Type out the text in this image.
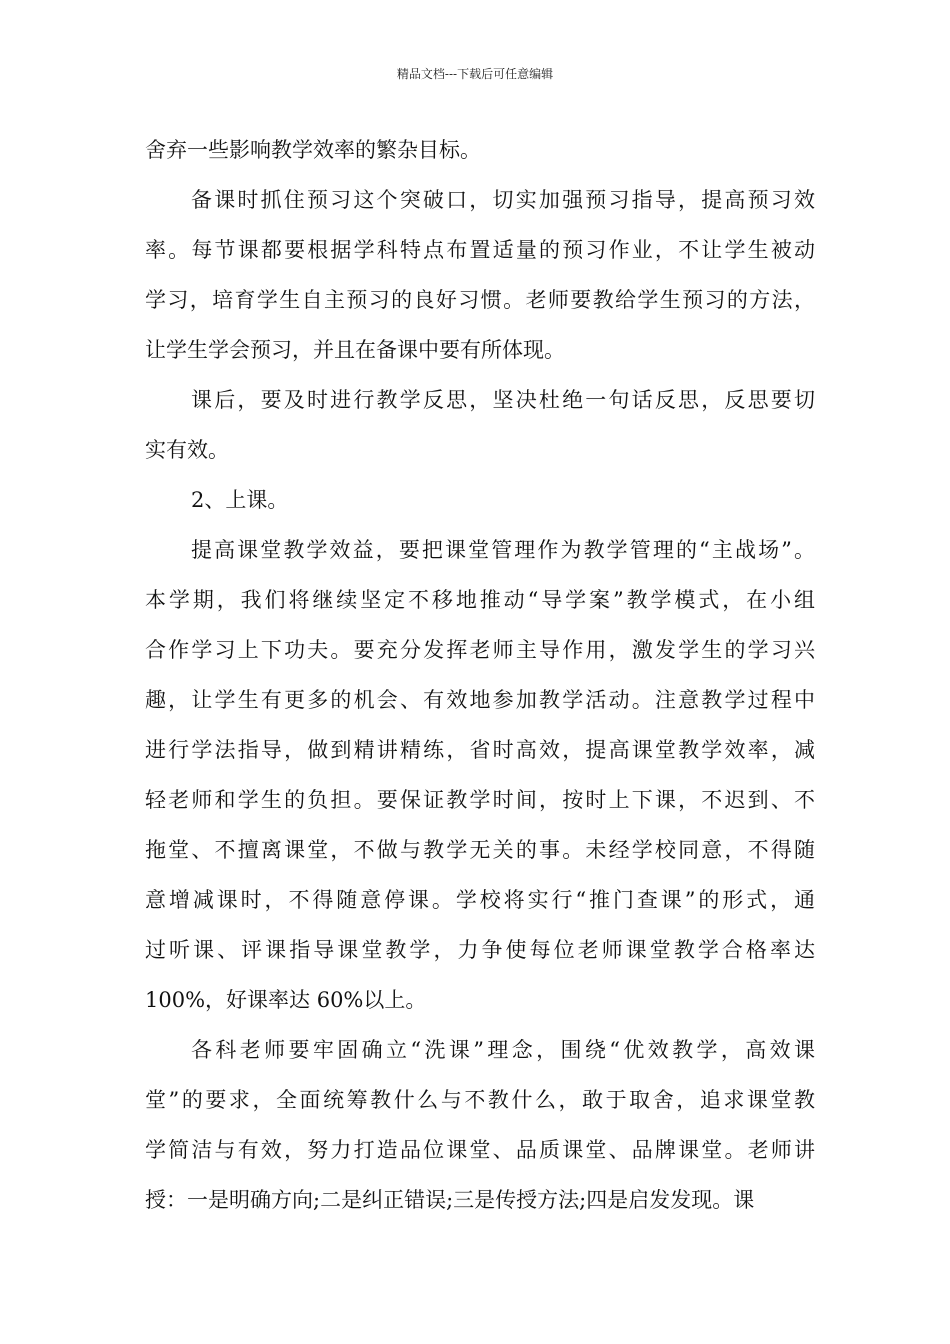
精品文档---下载后可任意编辑
舍弃一些影响教学效率的繁杂目标。
备课时抓住预习这个突破口，切实加强预习指导，提高预习效
率。每节课都要根据学科特点布置适量的预习作业，不让学生被动
学习，培育学生自主预习的良好习惯。老师要教给学生预习的方法，
让学生学会预习，并且在备课中要有所体现。
课后，要及时进行教学反思，坚决杜绝一句话反思，反思要切
实有效。
2、上课。
提高课堂教学效益，要把课堂管理作为教学管理的“主战场”。
本学期，我们将继续坚定不移地推动“导学案”教学模式，在小组
合作学习上下功夫。要充分发挥老师主导作用，激发学生的学习兴
趣，让学生有更多的机会、有效地参加教学活动。注意教学过程中
进行学法指导，做到精讲精练，省时高效，提高课堂教学效率，减
轻老师和学生的负担。要保证教学时间，按时上下课，不迟到、不
拖堂、不擅离课堂，不做与教学无关的事。未经学校同意，不得随
意增减课时，不得随意停课。学校将实行“推门查课”的形式，通
过听课、评课指导课堂教学，力争使每位老师课堂教学合格率达
100%，好课率达 60%以上。
各科老师要牢固确立“洗课”理念，围绕“优效教学，高效课
堂”的要求，全面统筹教什么与不教什么，敢于取舍，追求课堂教
学简洁与有效，努力打造品位课堂、品质课堂、品牌课堂。老师讲
授：一是明确方向;二是纠正错误;三是传授方法;四是启发发现。课
